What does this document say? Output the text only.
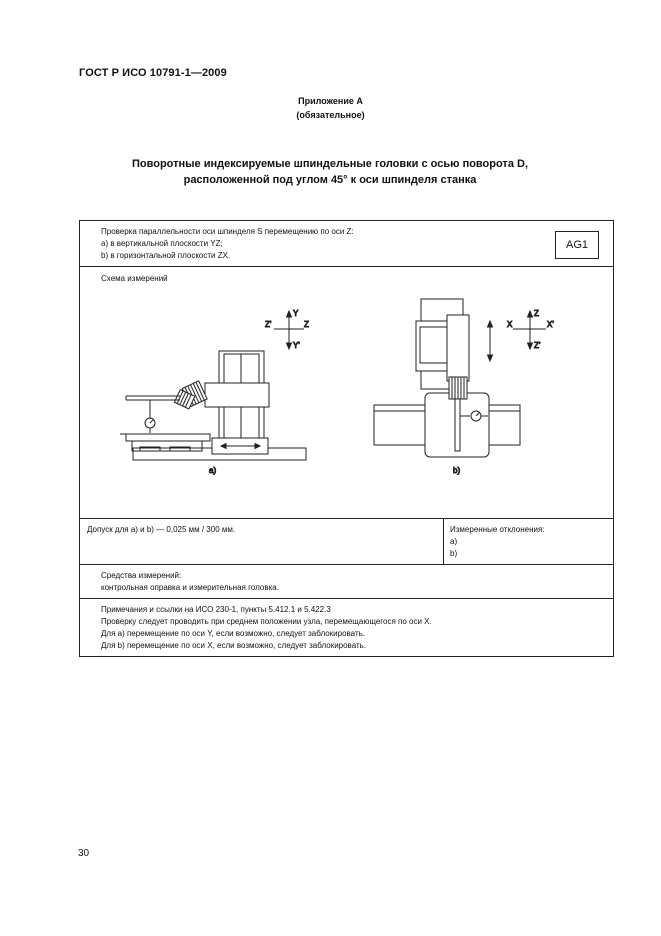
ГОСТ Р ИСО 10791-1—2009
Приложение А
(обязательное)
Поворотные индексируемые шпиндельные головки с осью поворота D,
расположенной под углом 45° к оси шпинделя станка
Проверка параллельности оси шпинделя S перемещению по оси Z:
a) в вертикальной плоскости YZ;
b) в горизонтальной плоскости ZX.
AG1
Схема измерений
Y
Y'
Z'	Z
Z
Z'
X	X'
а)	b)
Допуск для a) и b) — 0,025 мм / 300 мм.	Измеренные отклонения:
a)
b)
Средства измерений:
контрольная оправка и измерительная головка.
Примечания и ссылки на ИСО 230-1, пункты 5.412.1 и 5.422.3
Проверку следует проводить при среднем положении узла, перемещающегося по оси X.
Для a) перемещение по оси Y, если возможно, следует заблокировать.
Для b) перемещение по оси X, если возможно, следует заблокировать.
30
